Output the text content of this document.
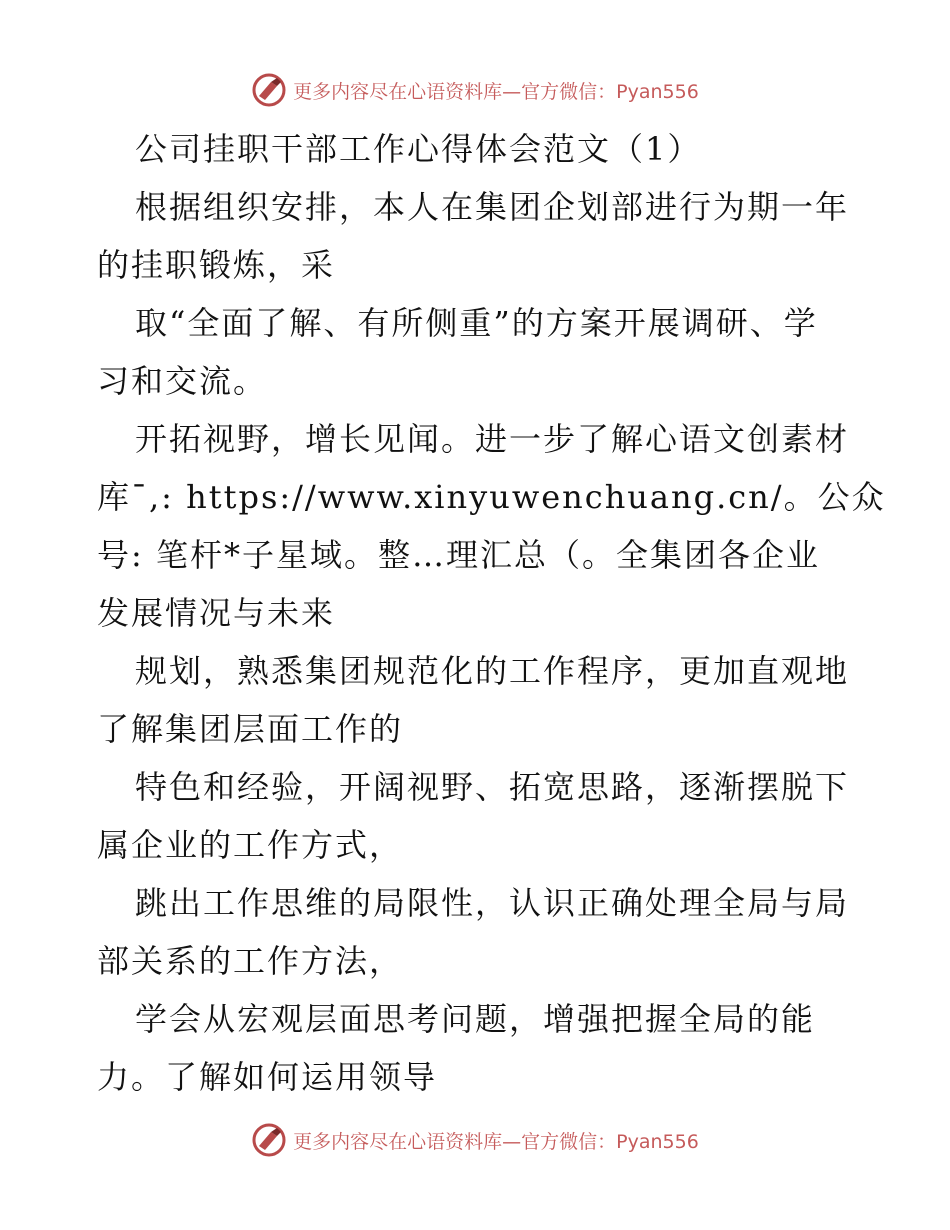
更多内容尽在心语资料库—官方微信：Pyan556
公司挂职干部工作心得体会范文（1）
根据组织安排，本人在集团企划部进行为期一年
的挂职锻炼，采
取“全面了解、有所侧重”的方案开展调研、学
习和交流。
开拓视野，增长见闻。进一步了解心语文创素材
库¯,: https://www.xinyuwenchuang.cn/。公众
号: 笔杆*子星域。整…理汇总（。全集团各企业
发展情况与未来
规划，熟悉集团规范化的工作程序，更加直观地
了解集团层面工作的
特色和经验，开阔视野、拓宽思路，逐渐摆脱下
属企业的工作方式，
跳出工作思维的局限性，认识正确处理全局与局
部关系的工作方法，
学会从宏观层面思考问题，增强把握全局的能
力。了解如何运用领导
更多内容尽在心语资料库—官方微信：Pyan556
